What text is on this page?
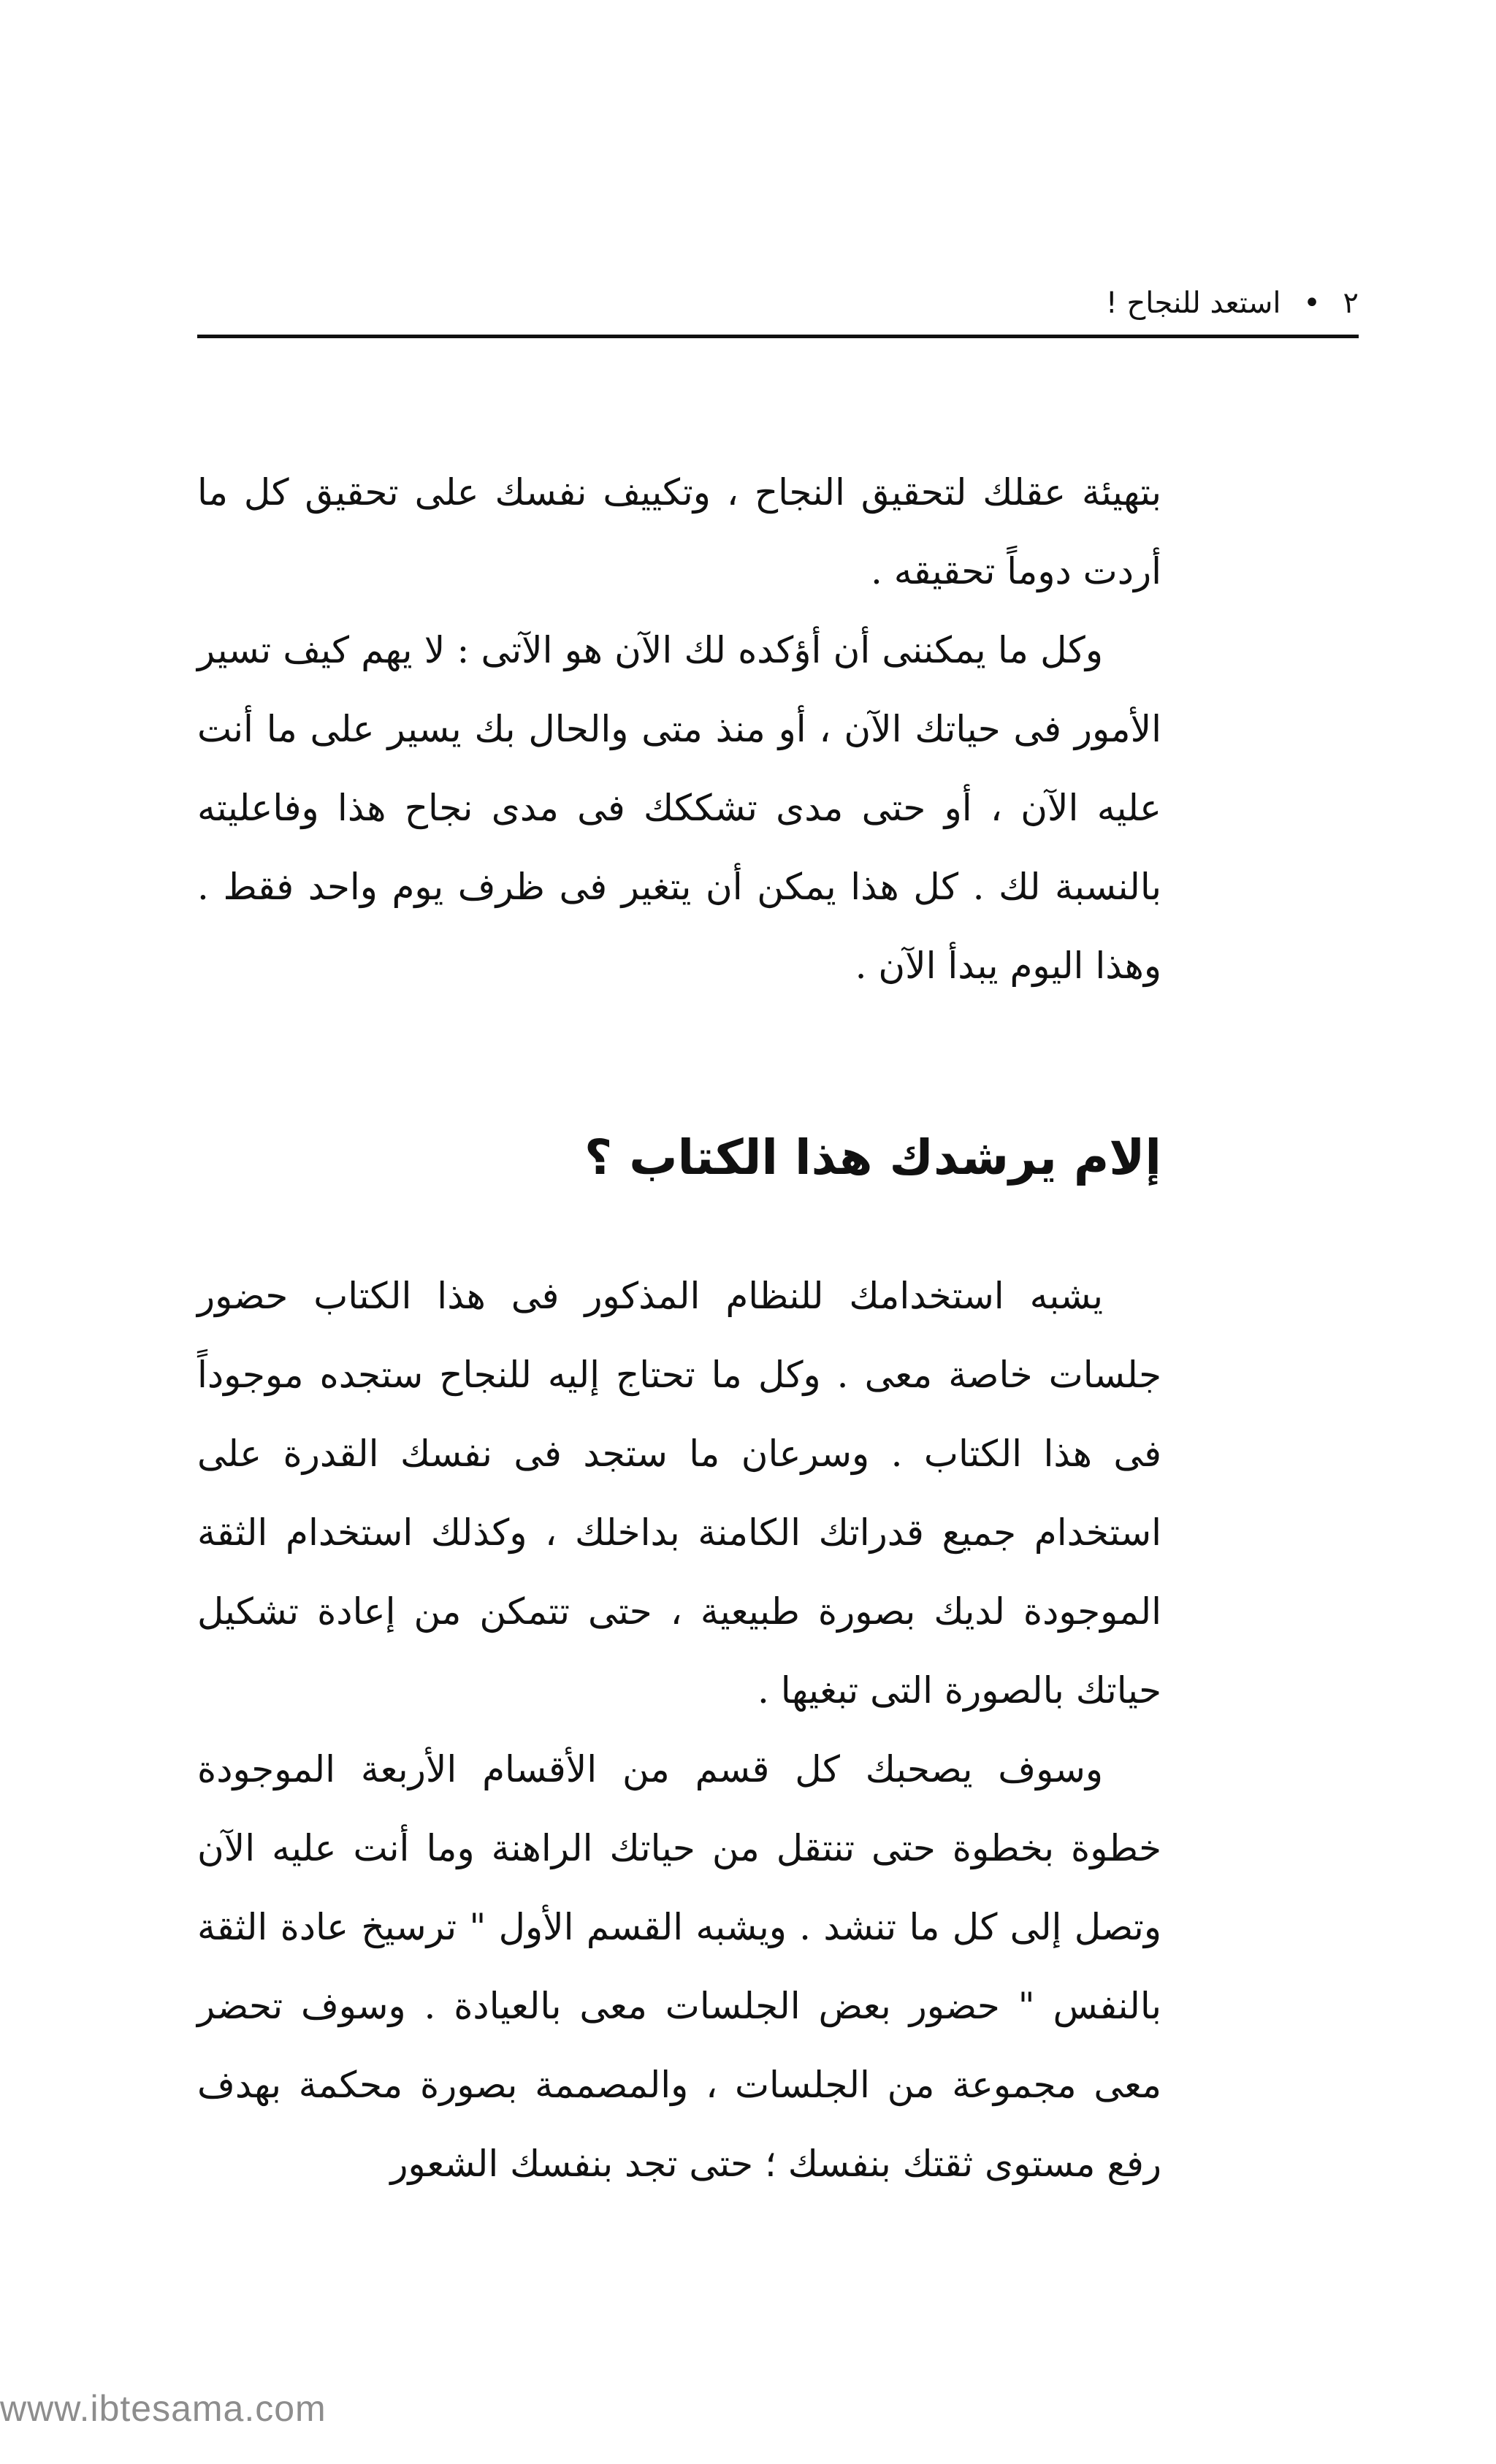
٢ • استعد للنجاح !

بتهيئة عقلك لتحقيق النجاح ، وتكييف نفسك على تحقيق كل ما أردت دوماً تحقيقه .

وكل ما يمكننى أن أؤكده لك الآن هو الآتى : لا يهم كيف تسير الأمور فى حياتك الآن ، أو منذ متى والحال بك يسير على ما أنت عليه الآن ، أو حتى مدى تشككك فى مدى نجاح هذا وفاعليته بالنسبة لك . كل هذا يمكن أن يتغير فى ظرف يوم واحد فقط . وهذا اليوم يبدأ الآن .

إلام يرشدك هذا الكتاب ؟

يشبه استخدامك للنظام المذكور فى هذا الكتاب حضور جلسات خاصة معى . وكل ما تحتاج إليه للنجاح ستجده موجوداً فى هذا الكتاب . وسرعان ما ستجد فى نفسك القدرة على استخدام جميع قدراتك الكامنة بداخلك ، وكذلك استخدام الثقة الموجودة لديك بصورة طبيعية ، حتى تتمكن من إعادة تشكيل حياتك بالصورة التى تبغيها .

وسوف يصحبك كل قسم من الأقسام الأربعة الموجودة خطوة بخطوة حتى تنتقل من حياتك الراهنة وما أنت عليه الآن وتصل إلى كل ما تنشد . ويشبه القسم الأول " ترسيخ عادة الثقة بالنفس " حضور بعض الجلسات معى بالعيادة . وسوف تحضر معى مجموعة من الجلسات ، والمصممة بصورة محكمة بهدف رفع مستوى ثقتك بنفسك ؛ حتى تجد بنفسك الشعور

www.ibtesama.com
